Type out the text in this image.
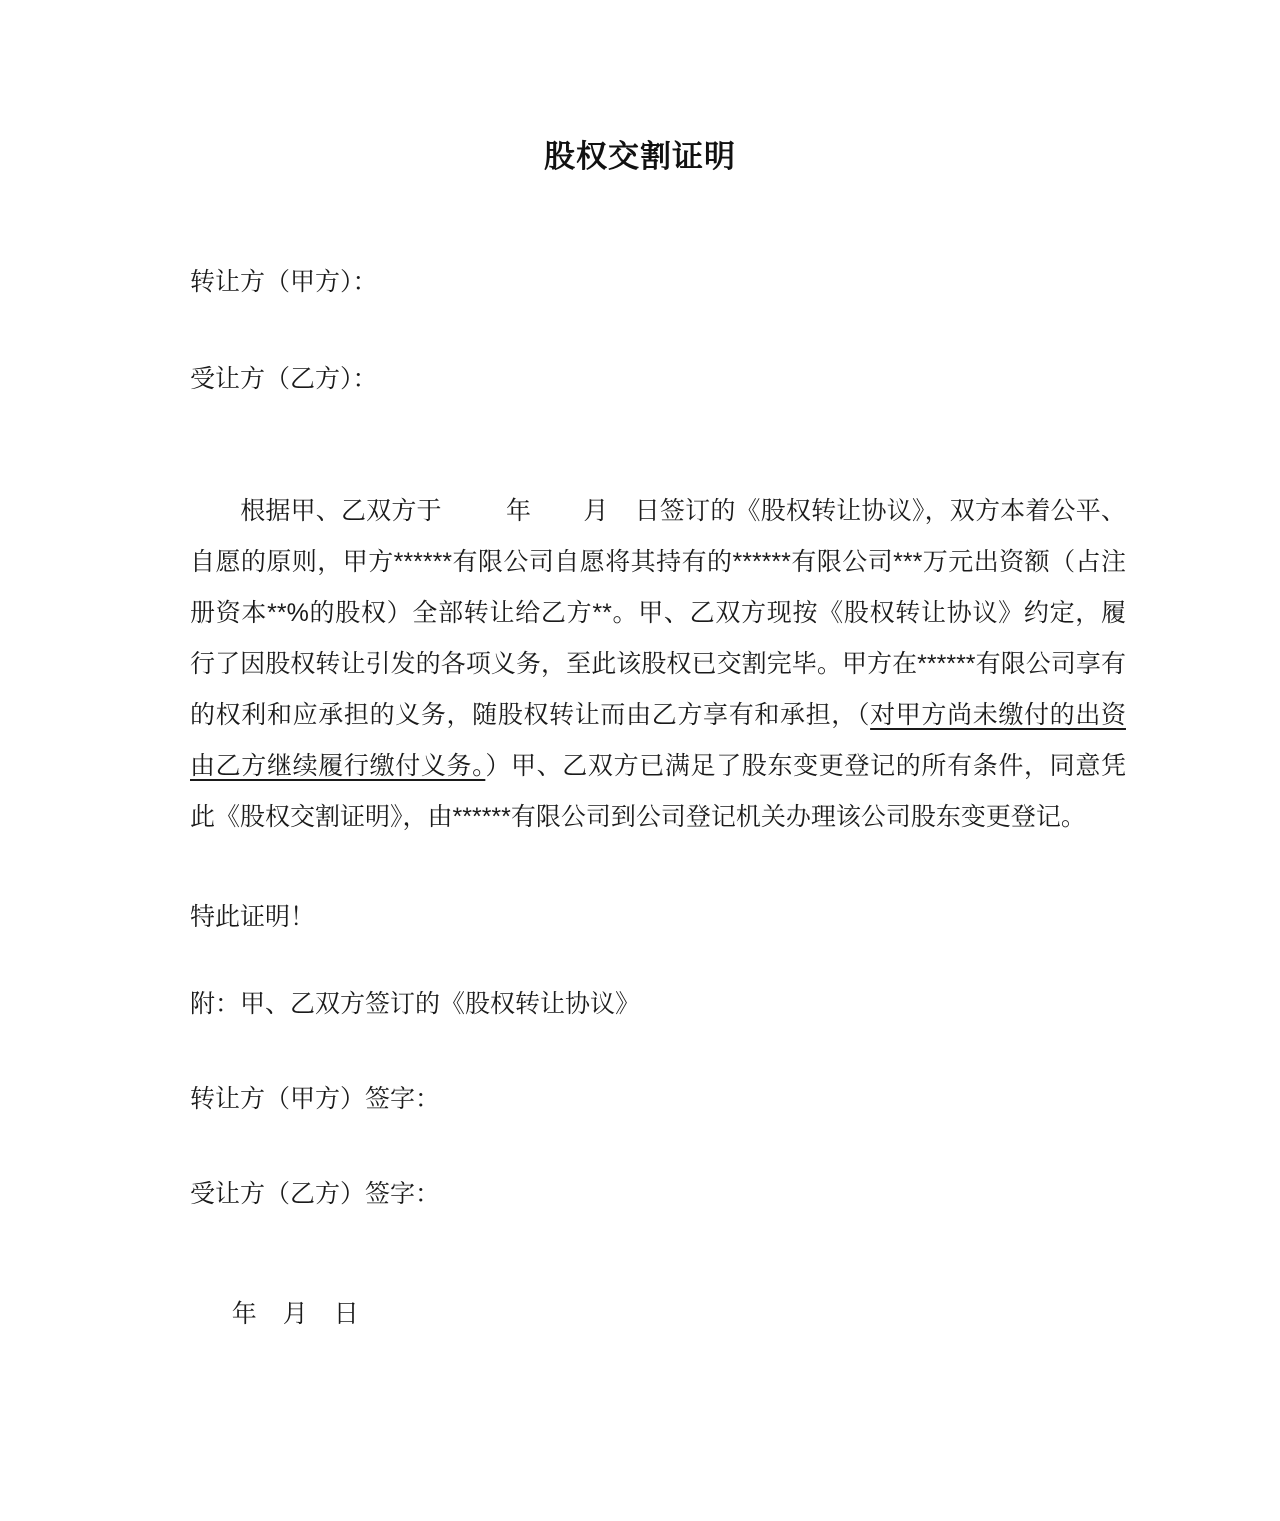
股权交割证明

转让方（甲方）：

受让方（乙方）：

根据甲、乙双方于	年 月 日签订的《股权转让协议》，双方本着公平、自愿的原则，甲方******有限公司自愿将其持有的******有限公司***万元出资额（占注册资本**%的股权）全部转让给乙方**。甲、乙双方现按《股权转让协议》约定，履行了因股权转让引发的各项义务，至此该股权已交割完毕。甲方在******有限公司享有的权利和应承担的义务，随股权转让而由乙方享有和承担，（对甲方尚未缴付的出资由乙方继续履行缴付义务。）甲、乙双方已满足了股东变更登记的所有条件，同意凭此《股权交割证明》，由******有限公司到公司登记机关办理该公司股东变更登记。

特此证明！

附：甲、乙双方签订的《股权转让协议》

转让方（甲方）签字：

受让方（乙方）签字：

年 月 日
